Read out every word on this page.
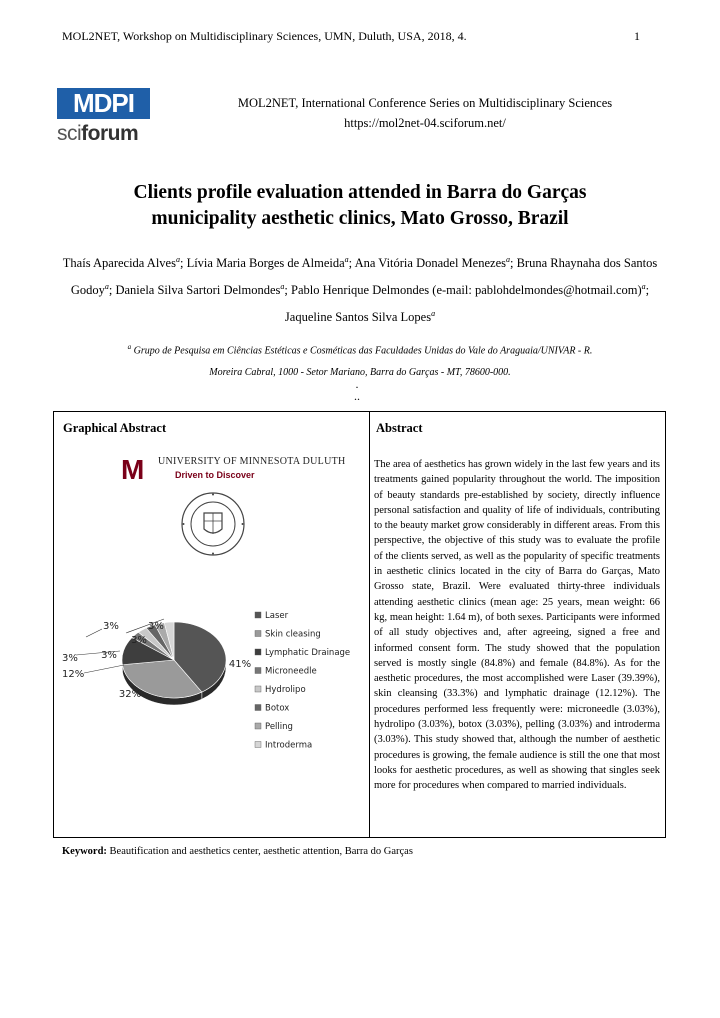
MOL2NET, Workshop on Multidisciplinary Sciences, UMN, Duluth, USA, 2018, 4.	1
MDPI
sciforum
MOL2NET, International Conference Series on Multidisciplinary Sciences
https://mol2net-04.sciforum.net/
Clients profile evaluation attended in Barra do Garças
municipality aesthetic clinics, Mato Grosso, Brazil
Thaís Aparecida Alves$^a$; Lívia Maria Borges de Almeida$^a$; Ana Vitória Donadel Menezes$^a$; Bruna Rhaynaha dos Santos Godoy$^a$; Daniela Silva Sartori Delmondes$^a$; Pablo Henrique Delmondes (e-mail: pablohdelmondes@hotmail.com)$^a$; Jaqueline Santos Silva Lopes$^a$
$^a$ Grupo de Pesquisa em Ciências Estéticas e Cosméticas das Faculdades Unidas do Vale do Araguaia/UNIVAR - R.
Moreira Cabral, 1000 - Setor Mariano, Barra do Garças - MT, 78600-000.
.
..
Graphical Abstract	Abstract
M	UNIVERSITY OF MINNESOTA DULUTH
Driven to Discover
41%
32%
12%
3%
3%
3%
3%
3%
Laser
Skin cleasing
Lymphatic Drainage
Microneedle
Hydrolipo
Botox
Pelling
Introderma
The area of aesthetics has grown widely in the last few years and its treatments gained popularity throughout the world. The imposition of beauty standards pre-established by society, directly influence personal satisfaction and quality of life of individuals, contributing to the beauty market grow considerably in different areas. From this perspective, the objective of this study was to evaluate the profile of the clients served, as well as the popularity of specific treatments in aesthetic clinics located in the city of Barra do Garças, Mato Grosso state, Brazil. Were evaluated thirty-three individuals attending aesthetic clinics (mean age: 25 years, mean weight: 66 kg, mean height: 1.64 m), of both sexes. Participants were informed of all study objectives and, after agreeing, signed a free and informed consent form. The study showed that the population served is mostly single (84.8%) and female (84.8%). As for the aesthetic procedures, the most accomplished were Laser (39.39%), skin cleansing (33.3%) and lymphatic drainage (12.12%). The procedures performed less frequently were: microneedle (3.03%), hydrolipo (3.03%), botox (3.03%), pelling (3.03%) and introderma (3.03%). This study showed that, although the number of aesthetic procedures is growing, the female audience is still the one that most looks for aesthetic procedures, as well as showing that singles seek more for procedures when compared to married individuals.
Keyword: Beautification and aesthetics center, aesthetic attention, Barra do Garças
